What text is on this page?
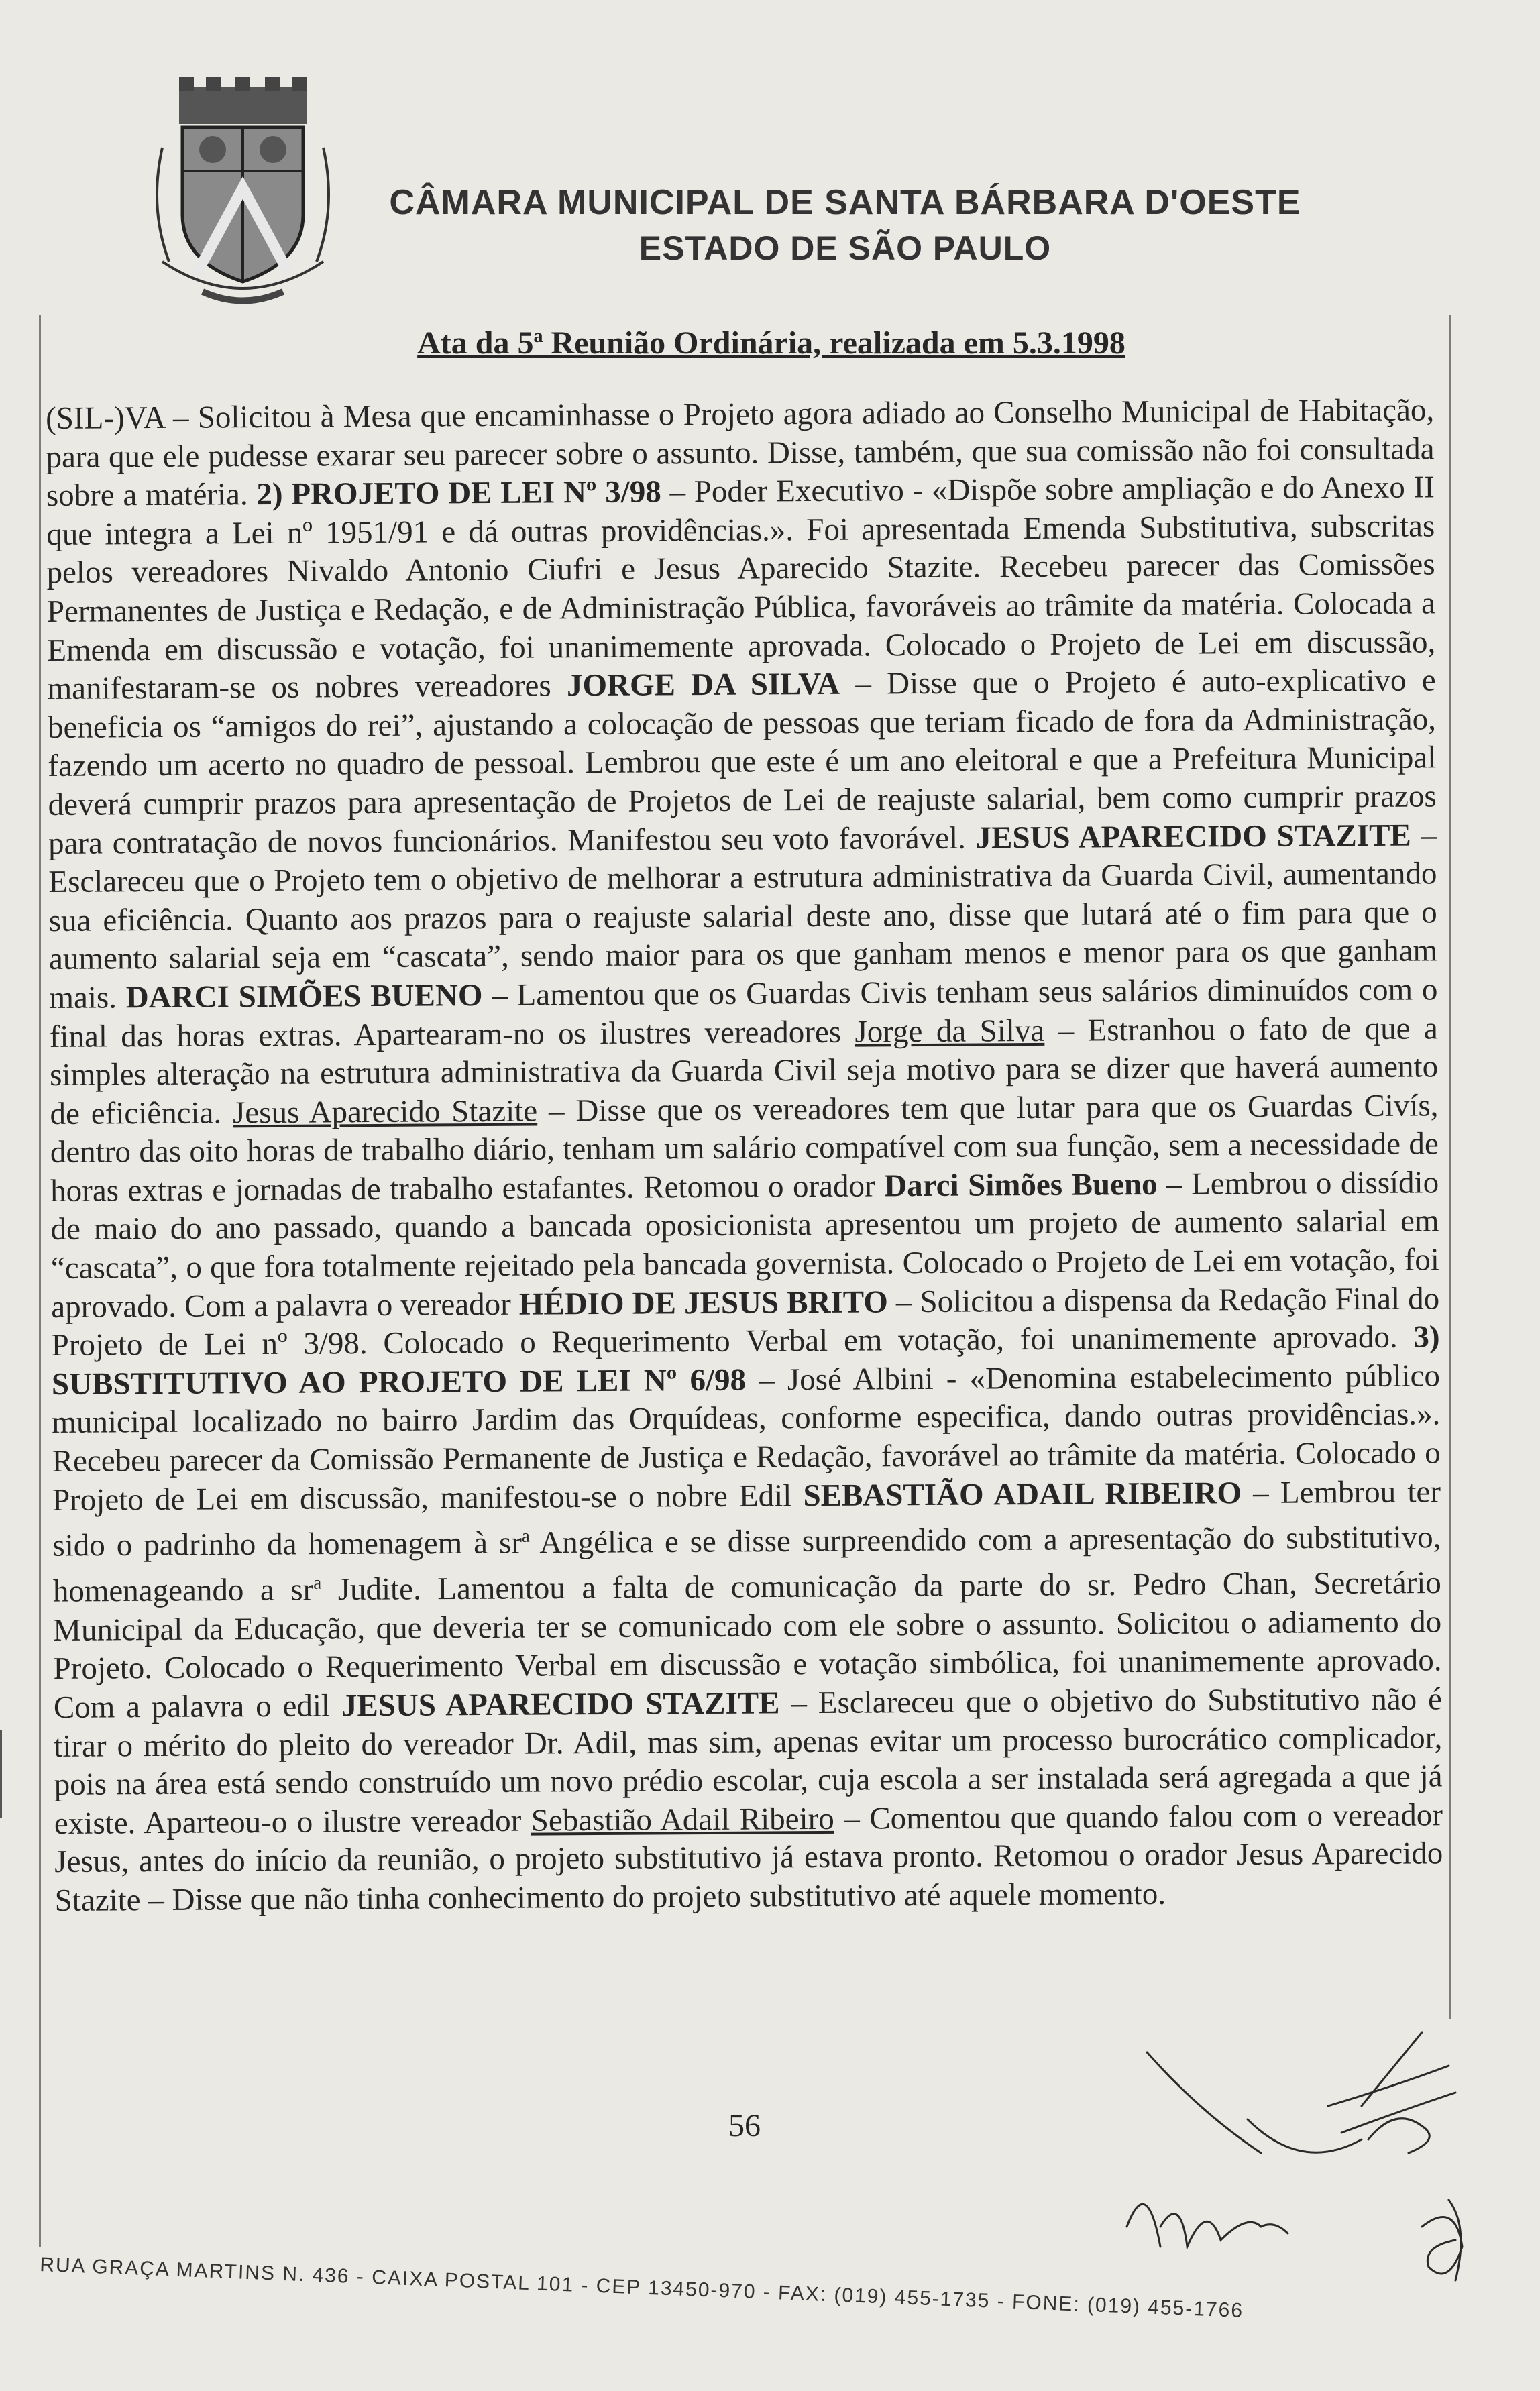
CÂMARA MUNICIPAL DE SANTA BÁRBARA D'OESTE
ESTADO DE SÃO PAULO
Ata da 5$^a$ Reunião Ordinária, realizada em 5.3.1998

(SIL-)VA – Solicitou à Mesa que encaminhasse o Projeto agora adiado ao Conselho Municipal de Habitação, para que ele pudesse exarar seu parecer sobre o assunto. Disse, também, que sua comissão não foi consultada sobre a matéria. 2) PROJETO DE LEI Nº 3/98 – Poder Executivo - «Dispõe sobre ampliação e do Anexo II que integra a Lei nº 1951/91 e dá outras providências.». Foi apresentada Emenda Substitutiva, subscritas pelos vereadores Nivaldo Antonio Ciufri e Jesus Aparecido Stazite. Recebeu parecer das Comissões Permanentes de Justiça e Redação, e de Administração Pública, favoráveis ao trâmite da matéria. Colocada a Emenda em discussão e votação, foi unanimemente aprovada. Colocado o Projeto de Lei em discussão, manifestaram-se os nobres vereadores JORGE DA SILVA – Disse que o Projeto é auto-explicativo e beneficia os “amigos do rei”, ajustando a colocação de pessoas que teriam ficado de fora da Administração, fazendo um acerto no quadro de pessoal. Lembrou que este é um ano eleitoral e que a Prefeitura Municipal deverá cumprir prazos para apresentação de Projetos de Lei de reajuste salarial, bem como cumprir prazos para contratação de novos funcionários. Manifestou seu voto favorável. JESUS APARECIDO STAZITE – Esclareceu que o Projeto tem o objetivo de melhorar a estrutura administrativa da Guarda Civil, aumentando sua eficiência. Quanto aos prazos para o reajuste salarial deste ano, disse que lutará até o fim para que o aumento salarial seja em “cascata”, sendo maior para os que ganham menos e menor para os que ganham mais. DARCI SIMÕES BUENO – Lamentou que os Guardas Civis tenham seus salários diminuídos com o final das horas extras. Apartearam-no os ilustres vereadores Jorge da Silva – Estranhou o fato de que a simples alteração na estrutura administrativa da Guarda Civil seja motivo para se dizer que haverá aumento de eficiência. Jesus Aparecido Stazite – Disse que os vereadores tem que lutar para que os Guardas Civís, dentro das oito horas de trabalho diário, tenham um salário compatível com sua função, sem a necessidade de horas extras e jornadas de trabalho estafantes. Retomou o orador Darci Simões Bueno – Lembrou o dissídio de maio do ano passado, quando a bancada oposicionista apresentou um projeto de aumento salarial em “cascata”, o que fora totalmente rejeitado pela bancada governista. Colocado o Projeto de Lei em votação, foi aprovado. Com a palavra o vereador HÉDIO DE JESUS BRITO – Solicitou a dispensa da Redação Final do Projeto de Lei nº 3/98. Colocado o Requerimento Verbal em votação, foi unanimemente aprovado. 3) SUBSTITUTIVO AO PROJETO DE LEI Nº 6/98 – José Albini - «Denomina estabelecimento público municipal localizado no bairro Jardim das Orquídeas, conforme especifica, dando outras providências.». Recebeu parecer da Comissão Permanente de Justiça e Redação, favorável ao trâmite da matéria. Colocado o Projeto de Lei em discussão, manifestou-se o nobre Edil SEBASTIÃO ADAIL RIBEIRO – Lembrou ter sido o padrinho da homenagem à $sr^a$ Angélica e se disse surpreendido com a apresentação do substitutivo, homenageando a $sr^a$ Judite. Lamentou a falta de comunicação da parte do sr. Pedro Chan, Secretário Municipal da Educação, que deveria ter se comunicado com ele sobre o assunto. Solicitou o adiamento do Projeto. Colocado o Requerimento Verbal em discussão e votação simbólica, foi unanimemente aprovado. Com a palavra o edil JESUS APARECIDO STAZITE – Esclareceu que o objetivo do Substitutivo não é tirar o mérito do pleito do vereador Dr. Adil, mas sim, apenas evitar um processo burocrático complicador, pois na área está sendo construído um novo prédio escolar, cuja escola a ser instalada será agregada a que já existe. Aparteou-o o ilustre vereador Sebastião Adail Ribeiro – Comentou que quando falou com o vereador Jesus, antes do início da reunião, o projeto substitutivo já estava pronto. Retomou o orador Jesus Aparecido Stazite – Disse que não tinha conhecimento do projeto substitutivo até aquele momento.

56
RUA GRAÇA MARTINS N. 436 - CAIXA POSTAL 101 - CEP 13450-970 - FAX: (019) 455-1735 - FONE: (019) 455-1766
